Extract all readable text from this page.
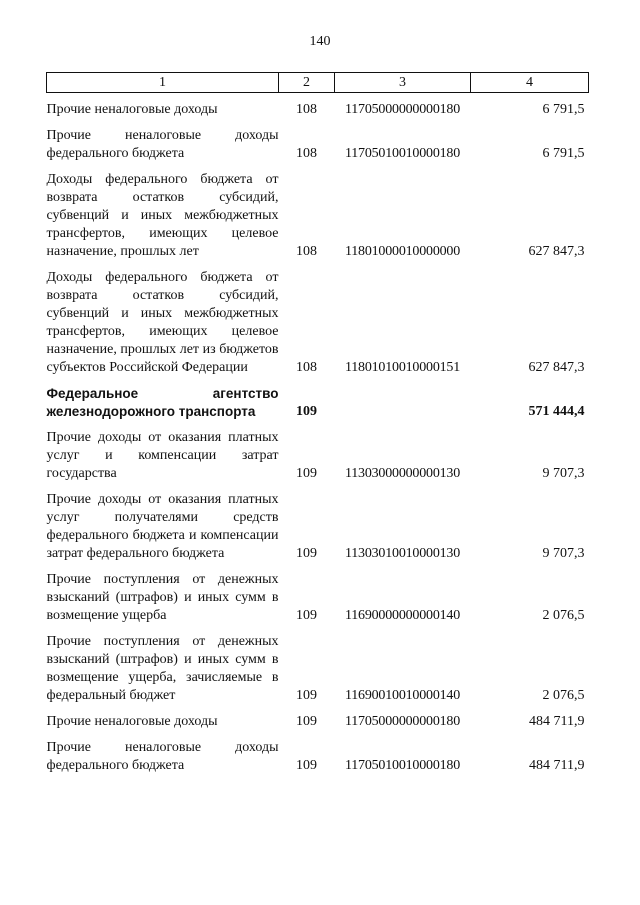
140
1	2	3	4
Прочие неналоговые доходы	108	11705000000000180	6 791,5
Прочие неналоговые доходы федерального бюджета	108	11705010010000180	6 791,5
Доходы федерального бюджета от возврата остатков субсидий, субвенций и иных межбюджетных трансфертов, имеющих целевое назначение, прошлых лет	108	11801000010000000	627 847,3
Доходы федерального бюджета от возврата остатков субсидий, субвенций и иных межбюджетных трансфертов, имеющих целевое назначение, прошлых лет из бюджетов субъектов Российской Федерации	108	11801010010000151	627 847,3
Федеральное агентство железнодорожного транспорта	109		571 444,4
Прочие доходы от оказания платных услуг и компенсации затрат государства	109	11303000000000130	9 707,3
Прочие доходы от оказания платных услуг получателями средств федерального бюджета и компенсации затрат федерального бюджета	109	11303010010000130	9 707,3
Прочие поступления от денежных взысканий (штрафов) и иных сумм в возмещение ущерба	109	11690000000000140	2 076,5
Прочие поступления от денежных взысканий (штрафов) и иных сумм в возмещение ущерба, зачисляемые в федеральный бюджет	109	11690010010000140	2 076,5
Прочие неналоговые доходы	109	11705000000000180	484 711,9
Прочие неналоговые доходы федерального бюджета	109	11705010010000180	484 711,9
